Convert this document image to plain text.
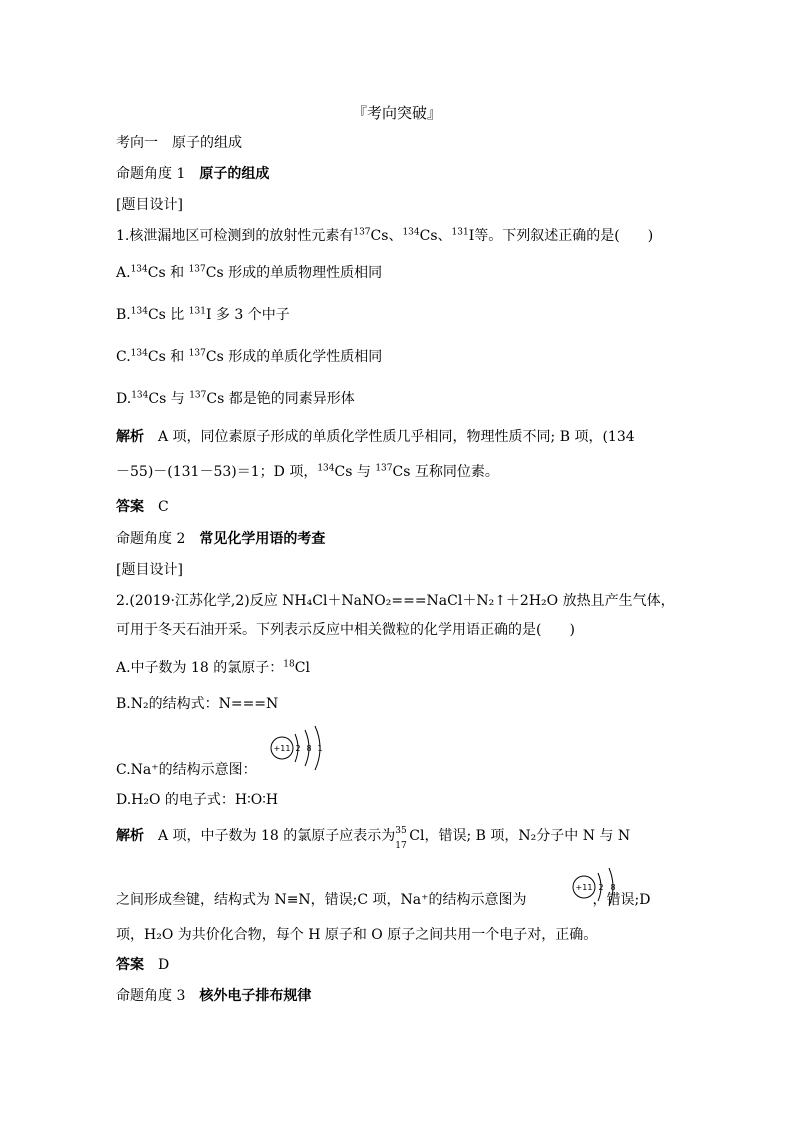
『考向突破』
考向一　原子的组成
命题角度 1　 原子的组成
[题目设计]
1.核泄漏地区可检测到的放射性元素有$^{137}$Cs、$^{134}$Cs、$^{131}$I等。下列叙述正确的是(　　)
A.$^{134}$Cs 和 $^{137}$Cs 形成的单质物理性质相同
B.$^{134}$Cs 比 $^{131}$I 多 3 个中子
C.$^{134}$Cs 和 $^{137}$Cs 形成的单质化学性质相同
D.$^{134}$Cs 与 $^{137}$Cs 都是铯的同素异形体
解析　 A 项，同位素原子形成的单质化学性质几乎相同，物理性质不同; B 项，(134
－55)－(131－53)＝1；D 项，$^{134}$Cs 与 $^{137}$Cs 互称同位素。
答案　 C
命题角度 2　 常见化学用语的考查
[题目设计]
2.(2019·江苏化学,2)反应 NH₄Cl＋NaNO₂===NaCl＋N₂↑＋2H₂O 放热且产生气体，
可用于冬天石油开采。下列表示反应中相关微粒的化学用语正确的是(　　)
A.中子数为 18 的氯原子：$^{18}$Cl
B.N₂的结构式：N===N
C.Na⁺的结构示意图：
+11 2 8 1
D.H₂O 的电子式：H∶O∶H
解析　 A 项，中子数为 18 的氯原子应表示为 35
17
Cl，错误; B 项，N₂分子中 N 与 N
之间形成叁键，结构式为 N≡N，错误;C 项，Na⁺的结构示意图为	，错误;D
+11 2 8
项，H₂O 为共价化合物，每个 H 原子和 O 原子之间共用一个电子对，正确。
答案　 D
命题角度 3　 核外电子排布规律
